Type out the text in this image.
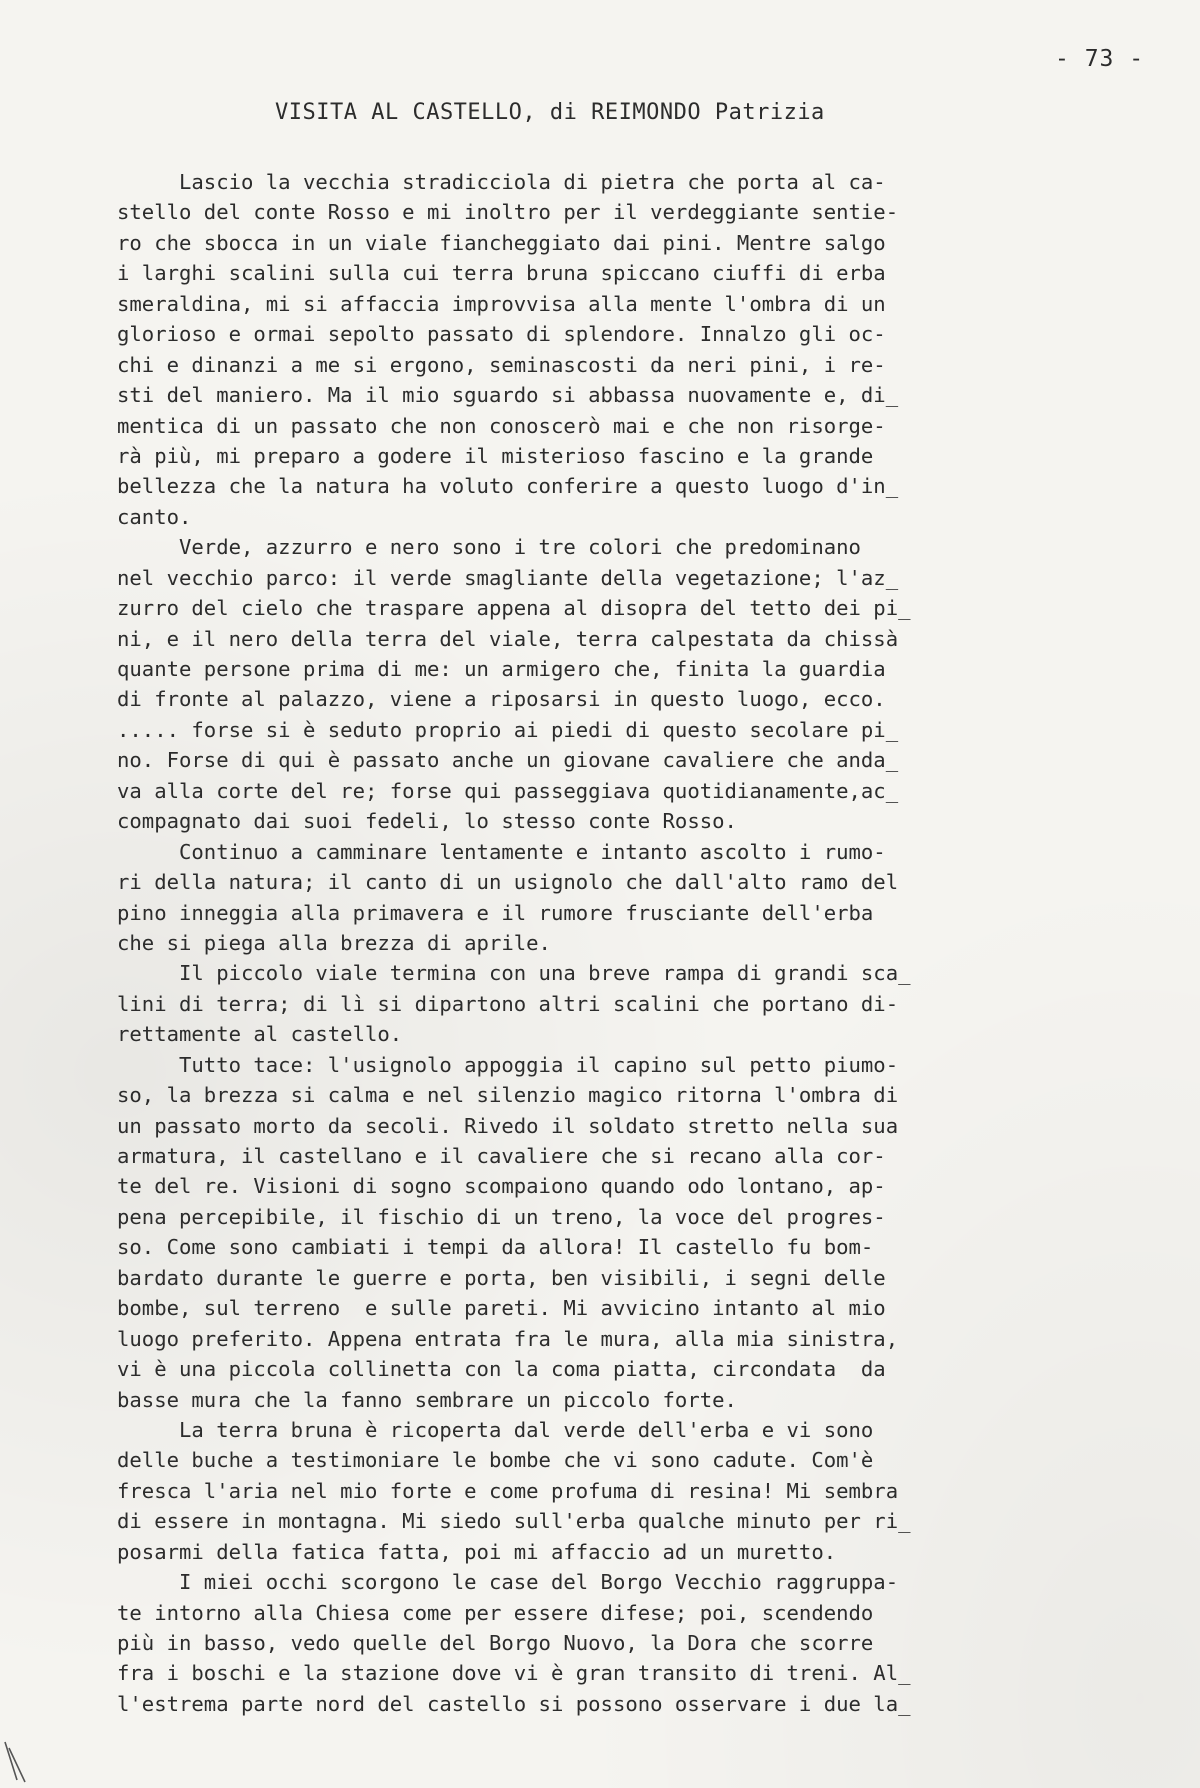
- 73 -
VISITA AL CASTELLO, di REIMONDO Patrizia
Lascio la vecchia stradicciola di pietra che porta al ca-
stello del conte Rosso e mi inoltro per il verdeggiante sentie-
ro che sbocca in un viale fiancheggiato dai pini. Mentre salgo
i larghi scalini sulla cui terra bruna spiccano ciuffi di erba
smeraldina, mi si affaccia improvvisa alla mente l'ombra di un
glorioso e ormai sepolto passato di splendore. Innalzo gli oc-
chi e dinanzi a me si ergono, seminascosti da neri pini, i re-
sti del maniero. Ma il mio sguardo si abbassa nuovamente e, di_
mentica di un passato che non conoscerò mai e che non risorge-
rà più, mi preparo a godere il misterioso fascino e la grande
bellezza che la natura ha voluto conferire a questo luogo d'in_
canto.
Verde, azzurro e nero sono i tre colori che predominano
nel vecchio parco: il verde smagliante della vegetazione; l'az_
zurro del cielo che traspare appena al disopra del tetto dei pi_
ni, e il nero della terra del viale, terra calpestata da chissà
quante persone prima di me: un armigero che, finita la guardia
di fronte al palazzo, viene a riposarsi in questo luogo, ecco.
..... forse si è seduto proprio ai piedi di questo secolare pi_
no. Forse di qui è passato anche un giovane cavaliere che anda_
va alla corte del re; forse qui passeggiava quotidianamente,ac_
compagnato dai suoi fedeli, lo stesso conte Rosso.
Continuo a camminare lentamente e intanto ascolto i rumo-
ri della natura; il canto di un usignolo che dall'alto ramo del
pino inneggia alla primavera e il rumore frusciante dell'erba
che si piega alla brezza di aprile.
Il piccolo viale termina con una breve rampa di grandi sca_
lini di terra; di lì si dipartono altri scalini che portano di-
rettamente al castello.
Tutto tace: l'usignolo appoggia il capino sul petto piumo-
so, la brezza si calma e nel silenzio magico ritorna l'ombra di
un passato morto da secoli. Rivedo il soldato stretto nella sua
armatura, il castellano e il cavaliere che si recano alla cor-
te del re. Visioni di sogno scompaiono quando odo lontano, ap-
pena percepibile, il fischio di un treno, la voce del progres-
so. Come sono cambiati i tempi da allora! Il castello fu bom-
bardato durante le guerre e porta, ben visibili, i segni delle
bombe, sul terreno  e sulle pareti. Mi avvicino intanto al mio
luogo preferito. Appena entrata fra le mura, alla mia sinistra,
vi è una piccola collinetta con la coma piatta, circondata  da
basse mura che la fanno sembrare un piccolo forte.
La terra bruna è ricoperta dal verde dell'erba e vi sono
delle buche a testimoniare le bombe che vi sono cadute. Com'è
fresca l'aria nel mio forte e come profuma di resina! Mi sembra
di essere in montagna. Mi siedo sull'erba qualche minuto per ri_
posarmi della fatica fatta, poi mi affaccio ad un muretto.
I miei occhi scorgono le case del Borgo Vecchio raggruppa-
te intorno alla Chiesa come per essere difese; poi, scendendo
più in basso, vedo quelle del Borgo Nuovo, la Dora che scorre
fra i boschi e la stazione dove vi è gran transito di treni. Al_
l'estrema parte nord del castello si possono osservare i due la_
